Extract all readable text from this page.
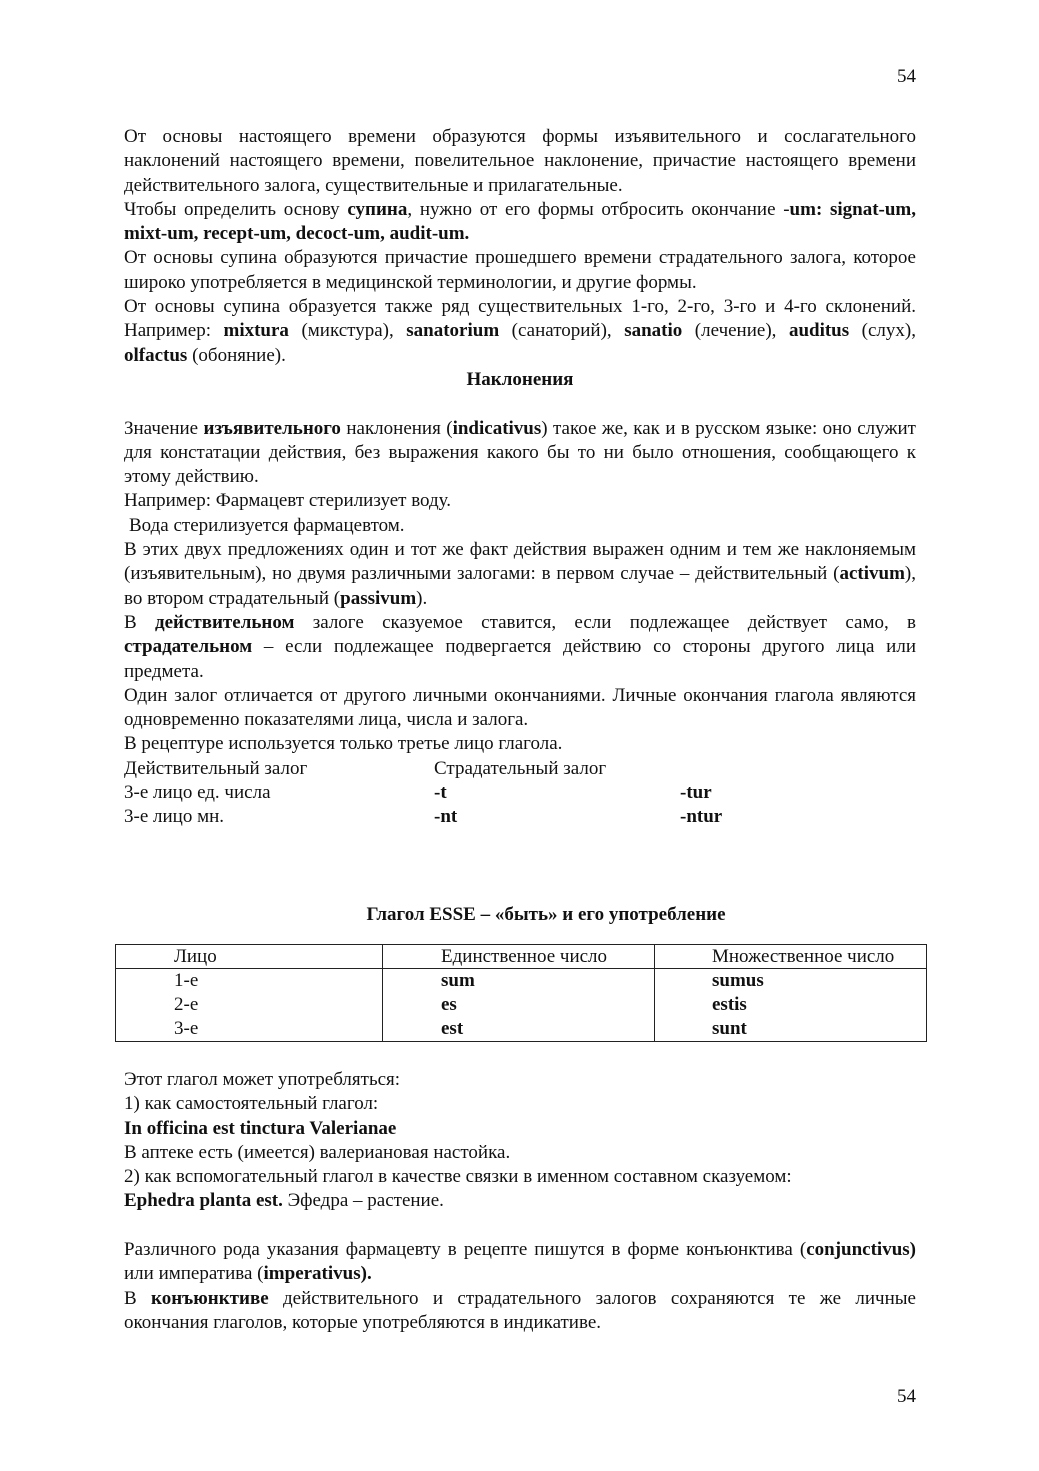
54

От основы настоящего времени образуются формы изъявительного и сослагательного наклонений настоящего времени, повелительное наклонение, причастие настоящего времени действительного залога, существительные и прилагательные.

Чтобы определить основу супина, нужно от его формы отбросить окончание -um: signat-um, mixt-um, recept-um, decoct-um, audit-um.

От основы супина образуются причастие прошедшего времени страдательного залога, которое широко употребляется в медицинской терминологии, и другие формы.

От основы супина образуется также ряд существительных 1-го, 2-го, 3-го и 4-го склонений. Например: mixtura (микстура), sanatorium (санаторий), sanatio (лечение), auditus (слух), olfactus (обоняние).

Наклонения

Значение изъявительного наклонения (indicativus) такое же, как и в русском языке: оно служит для констатации действия, без выражения какого бы то ни было отношения, сообщающего к этому действию.

Например: Фармацевт стерилизует воду.

Вода стерилизуется фармацевтом.

В этих двух предложениях один и тот же факт действия выражен одним и тем же наклоняемым (изъявительным), но двумя различными залогами: в первом случае – действительный (activum), во втором страдательный (passivum).

В действительном залоге сказуемое ставится, если подлежащее действует само, в страдательном – если подлежащее подвергается действию со стороны другого лица или предмета.

Один залог отличается от другого личными окончаниями. Личные окончания глагола являются одновременно показателями лица, числа и залога.

В рецептуре используется только третье лицо глагола.

Действительный залог	Страдательный залог
3-е лицо ед. числа	-t	-tur
3-е лицо мн.	-nt	-ntur

Глагол ESSE – «быть» и его употребление

Лицо	Единственное число	Множественное число
1-е	sum	sumus
2-е	es	estis
3-е	est	sunt

Этот глагол может употребляться:

1) как самостоятельный глагол:

In officina est tinctura Valerianae

В аптеке есть (имеется) валериановая настойка.

2) как вспомогательный глагол в качестве связки в именном составном сказуемом:

Ephedra planta est. Эфедра – растение.

Различного рода указания фармацевту в рецепте пишутся в форме конъюнктива (conjunctivus) или императива (imperativus).

В конъюнктиве действительного и страдательного залогов сохраняются те же личные окончания глаголов, которые употребляются в индикативе.

54
